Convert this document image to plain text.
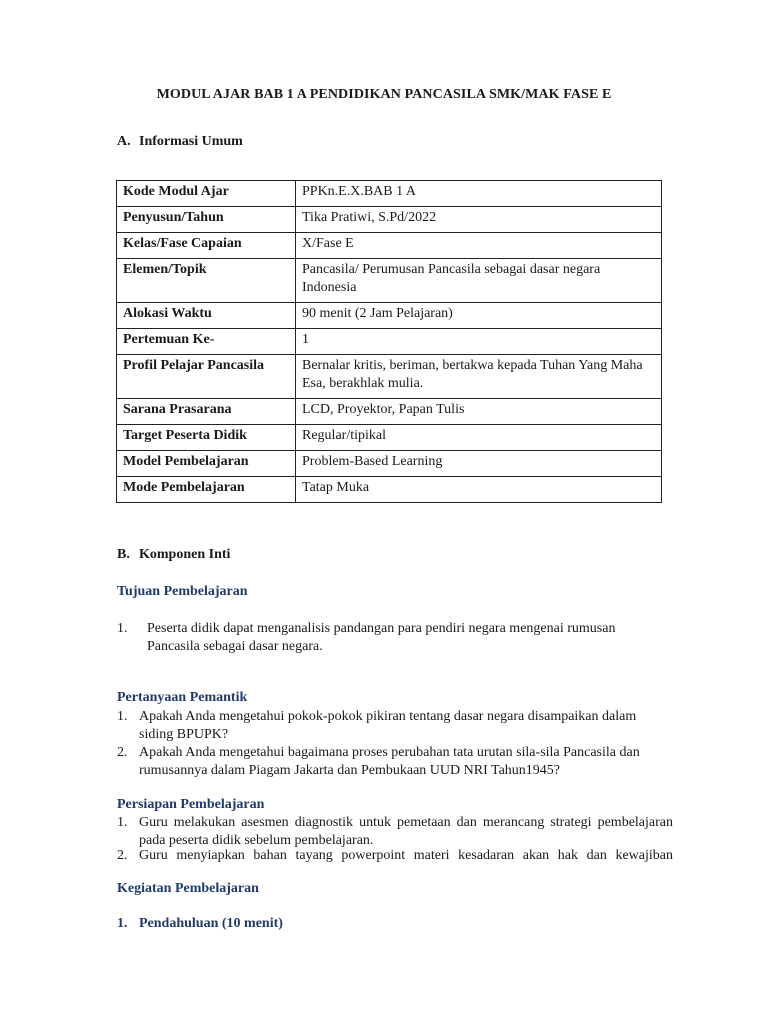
MODUL AJAR BAB 1 A PENDIDIKAN PANCASILA SMK/MAK FASE E
A. Informasi Umum
Kode Modul Ajar	PPKn.E.X.BAB 1 A
Penyusun/Tahun	Tika Pratiwi, S.Pd/2022
Kelas/Fase Capaian	X/Fase E
Elemen/Topik	Pancasila/ Perumusan Pancasila sebagai dasar negara Indonesia
Alokasi Waktu	90 menit (2 Jam Pelajaran)
Pertemuan Ke-	1
Profil Pelajar Pancasila	Bernalar kritis, beriman, bertakwa kepada Tuhan Yang Maha Esa, berakhlak mulia.
Sarana Prasarana	LCD, Proyektor, Papan Tulis
Target Peserta Didik	Regular/tipikal
Model Pembelajaran	Problem-Based Learning
Mode Pembelajaran	Tatap Muka
B. Komponen Inti
Tujuan Pembelajaran
1. Peserta didik dapat menganalisis pandangan para pendiri negara mengenai rumusan Pancasila sebagai dasar negara.
Pertanyaan Pemantik
1. Apakah Anda mengetahui pokok-pokok pikiran tentang dasar negara disampaikan dalam siding BPUPK?
2. Apakah Anda mengetahui bagaimana proses perubahan tata urutan sila-sila Pancasila dan rumusannya dalam Piagam Jakarta dan Pembukaan UUD NRI Tahun1945?
Persiapan Pembelajaran
1. Guru melakukan asesmen diagnostik untuk pemetaan dan merancang strategi pembelajaran pada peserta didik sebelum pembelajaran.
2. Guru menyiapkan bahan tayang powerpoint materi kesadaran akan hak dan kewajiban
Kegiatan Pembelajaran
1. Pendahuluan (10 menit)
